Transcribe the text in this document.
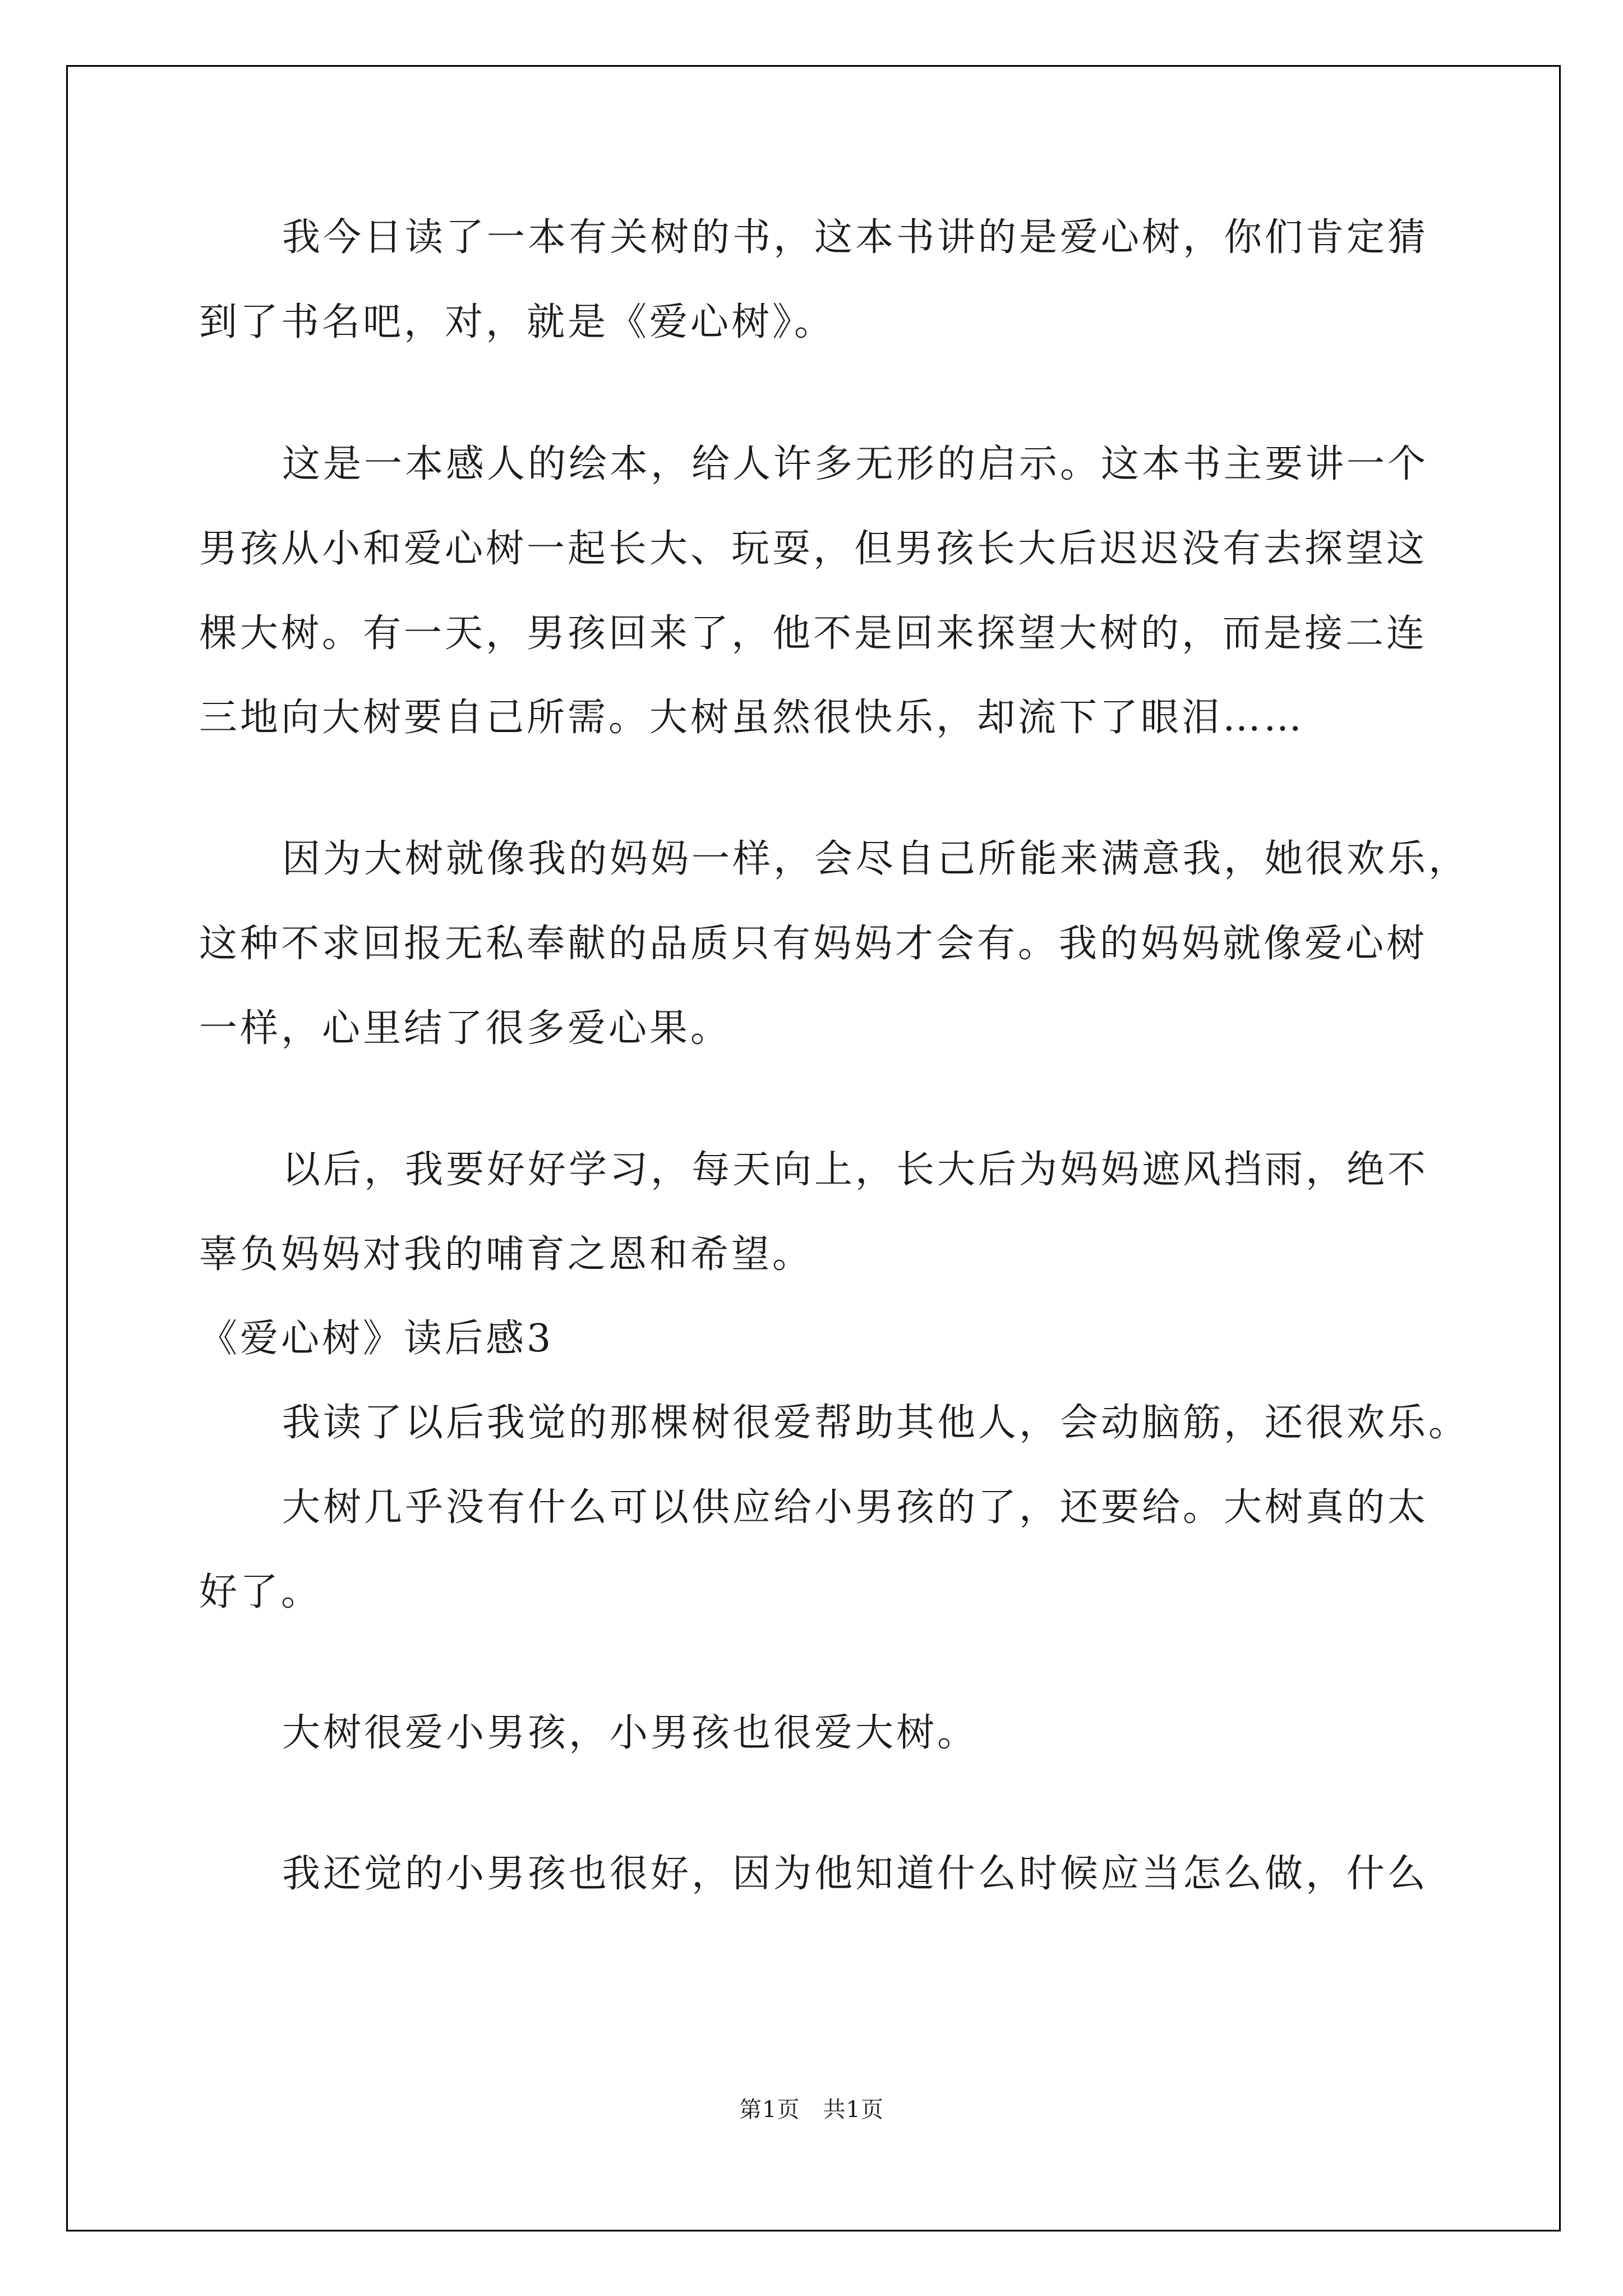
我今日读了一本有关树的书，这本书讲的是爱心树，你们肯定猜
到了书名吧，对，就是《爱心树》。
这是一本感人的绘本，给人许多无形的启示。这本书主要讲一个
男孩从小和爱心树一起长大、玩耍，但男孩长大后迟迟没有去探望这
棵大树。有一天，男孩回来了，他不是回来探望大树的，而是接二连
三地向大树要自己所需。大树虽然很快乐，却流下了眼泪……
因为大树就像我的妈妈一样，会尽自己所能来满意我，她很欢乐，
这种不求回报无私奉献的品质只有妈妈才会有。我的妈妈就像爱心树
一样，心里结了很多爱心果。
以后，我要好好学习，每天向上，长大后为妈妈遮风挡雨，绝不
辜负妈妈对我的哺育之恩和希望。
《爱心树》读后感3
我读了以后我觉的那棵树很爱帮助其他人，会动脑筋，还很欢乐。
大树几乎没有什么可以供应给小男孩的了，还要给。大树真的太
好了。
大树很爱小男孩，小男孩也很爱大树。
我还觉的小男孩也很好，因为他知道什么时候应当怎么做，什么
第1页　共1页
